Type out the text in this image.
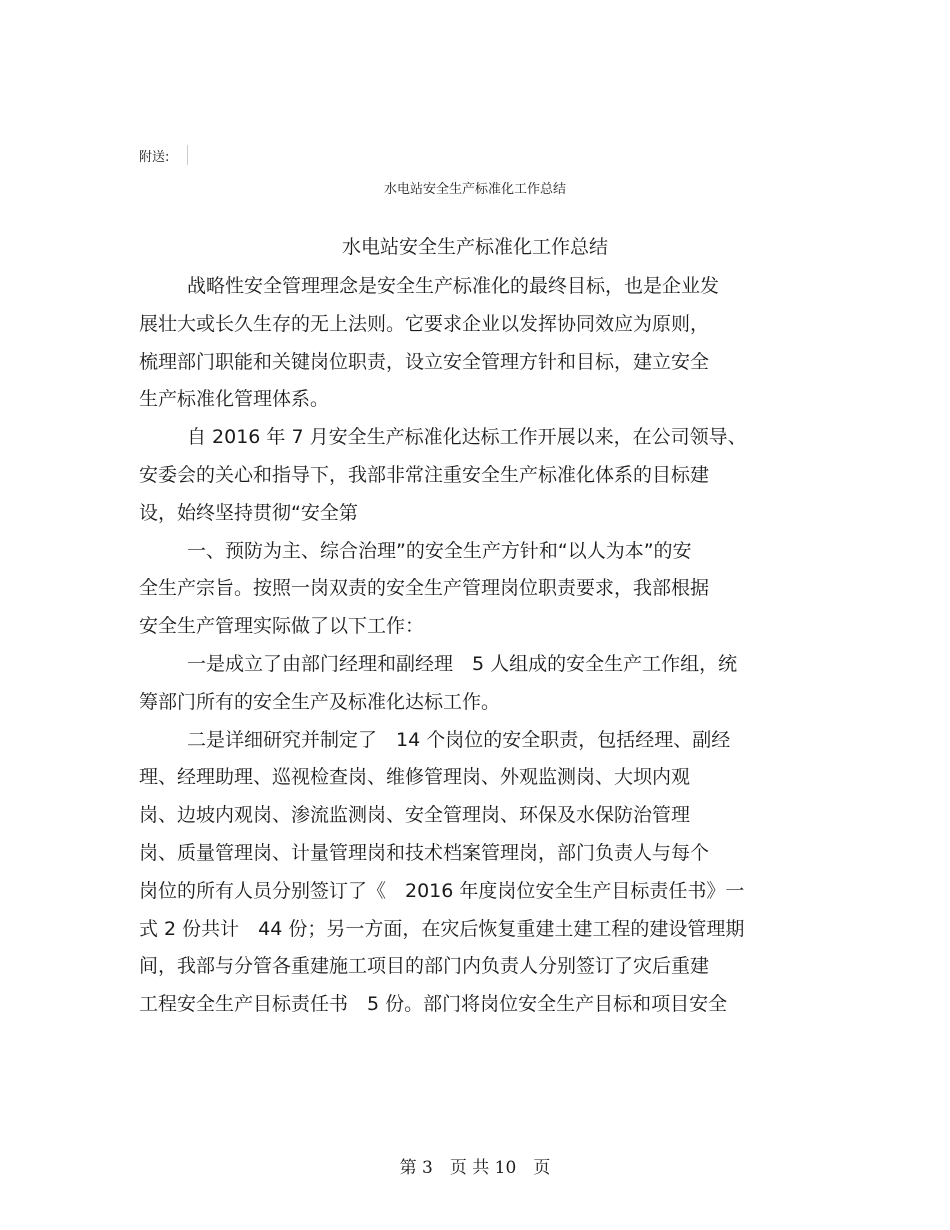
附送:
水电站安全生产标准化工作总结
水电站安全生产标准化工作总结
战略性安全管理理念是安全生产标准化的最终目标，也是企业发
展壮大或长久生存的无上法则。它要求企业以发挥协同效应为原则，
梳理部门职能和关键岗位职责，设立安全管理方针和目标，建立安全
生产标准化管理体系。
自 2016 年 7 月安全生产标准化达标工作开展以来，在公司领导、
安委会的关心和指导下，我部非常注重安全生产标准化体系的目标建
设，始终坚持贯彻“安全第
一、预防为主、综合治理”的安全生产方针和“以人为本”的安
全生产宗旨。按照一岗双责的安全生产管理岗位职责要求，我部根据
安全生产管理实际做了以下工作：
一是成立了由部门经理和副经理　5 人组成的安全生产工作组，统
筹部门所有的安全生产及标准化达标工作。
二是详细研究并制定了　14 个岗位的安全职责，包括经理、副经
理、经理助理、巡视检查岗、维修管理岗、外观监测岗、大坝内观
岗、边坡内观岗、渗流监测岗、安全管理岗、环保及水保防治管理
岗、质量管理岗、计量管理岗和技术档案管理岗，部门负责人与每个
岗位的所有人员分别签订了《　2016 年度岗位安全生产目标责任书》一
式 2 份共计　44 份；另一方面，在灾后恢复重建土建工程的建设管理期
间，我部与分管各重建施工项目的部门内负责人分别签订了灾后重建
工程安全生产目标责任书　5 份。部门将岗位安全生产目标和项目安全
第 3　页 共 10　页
